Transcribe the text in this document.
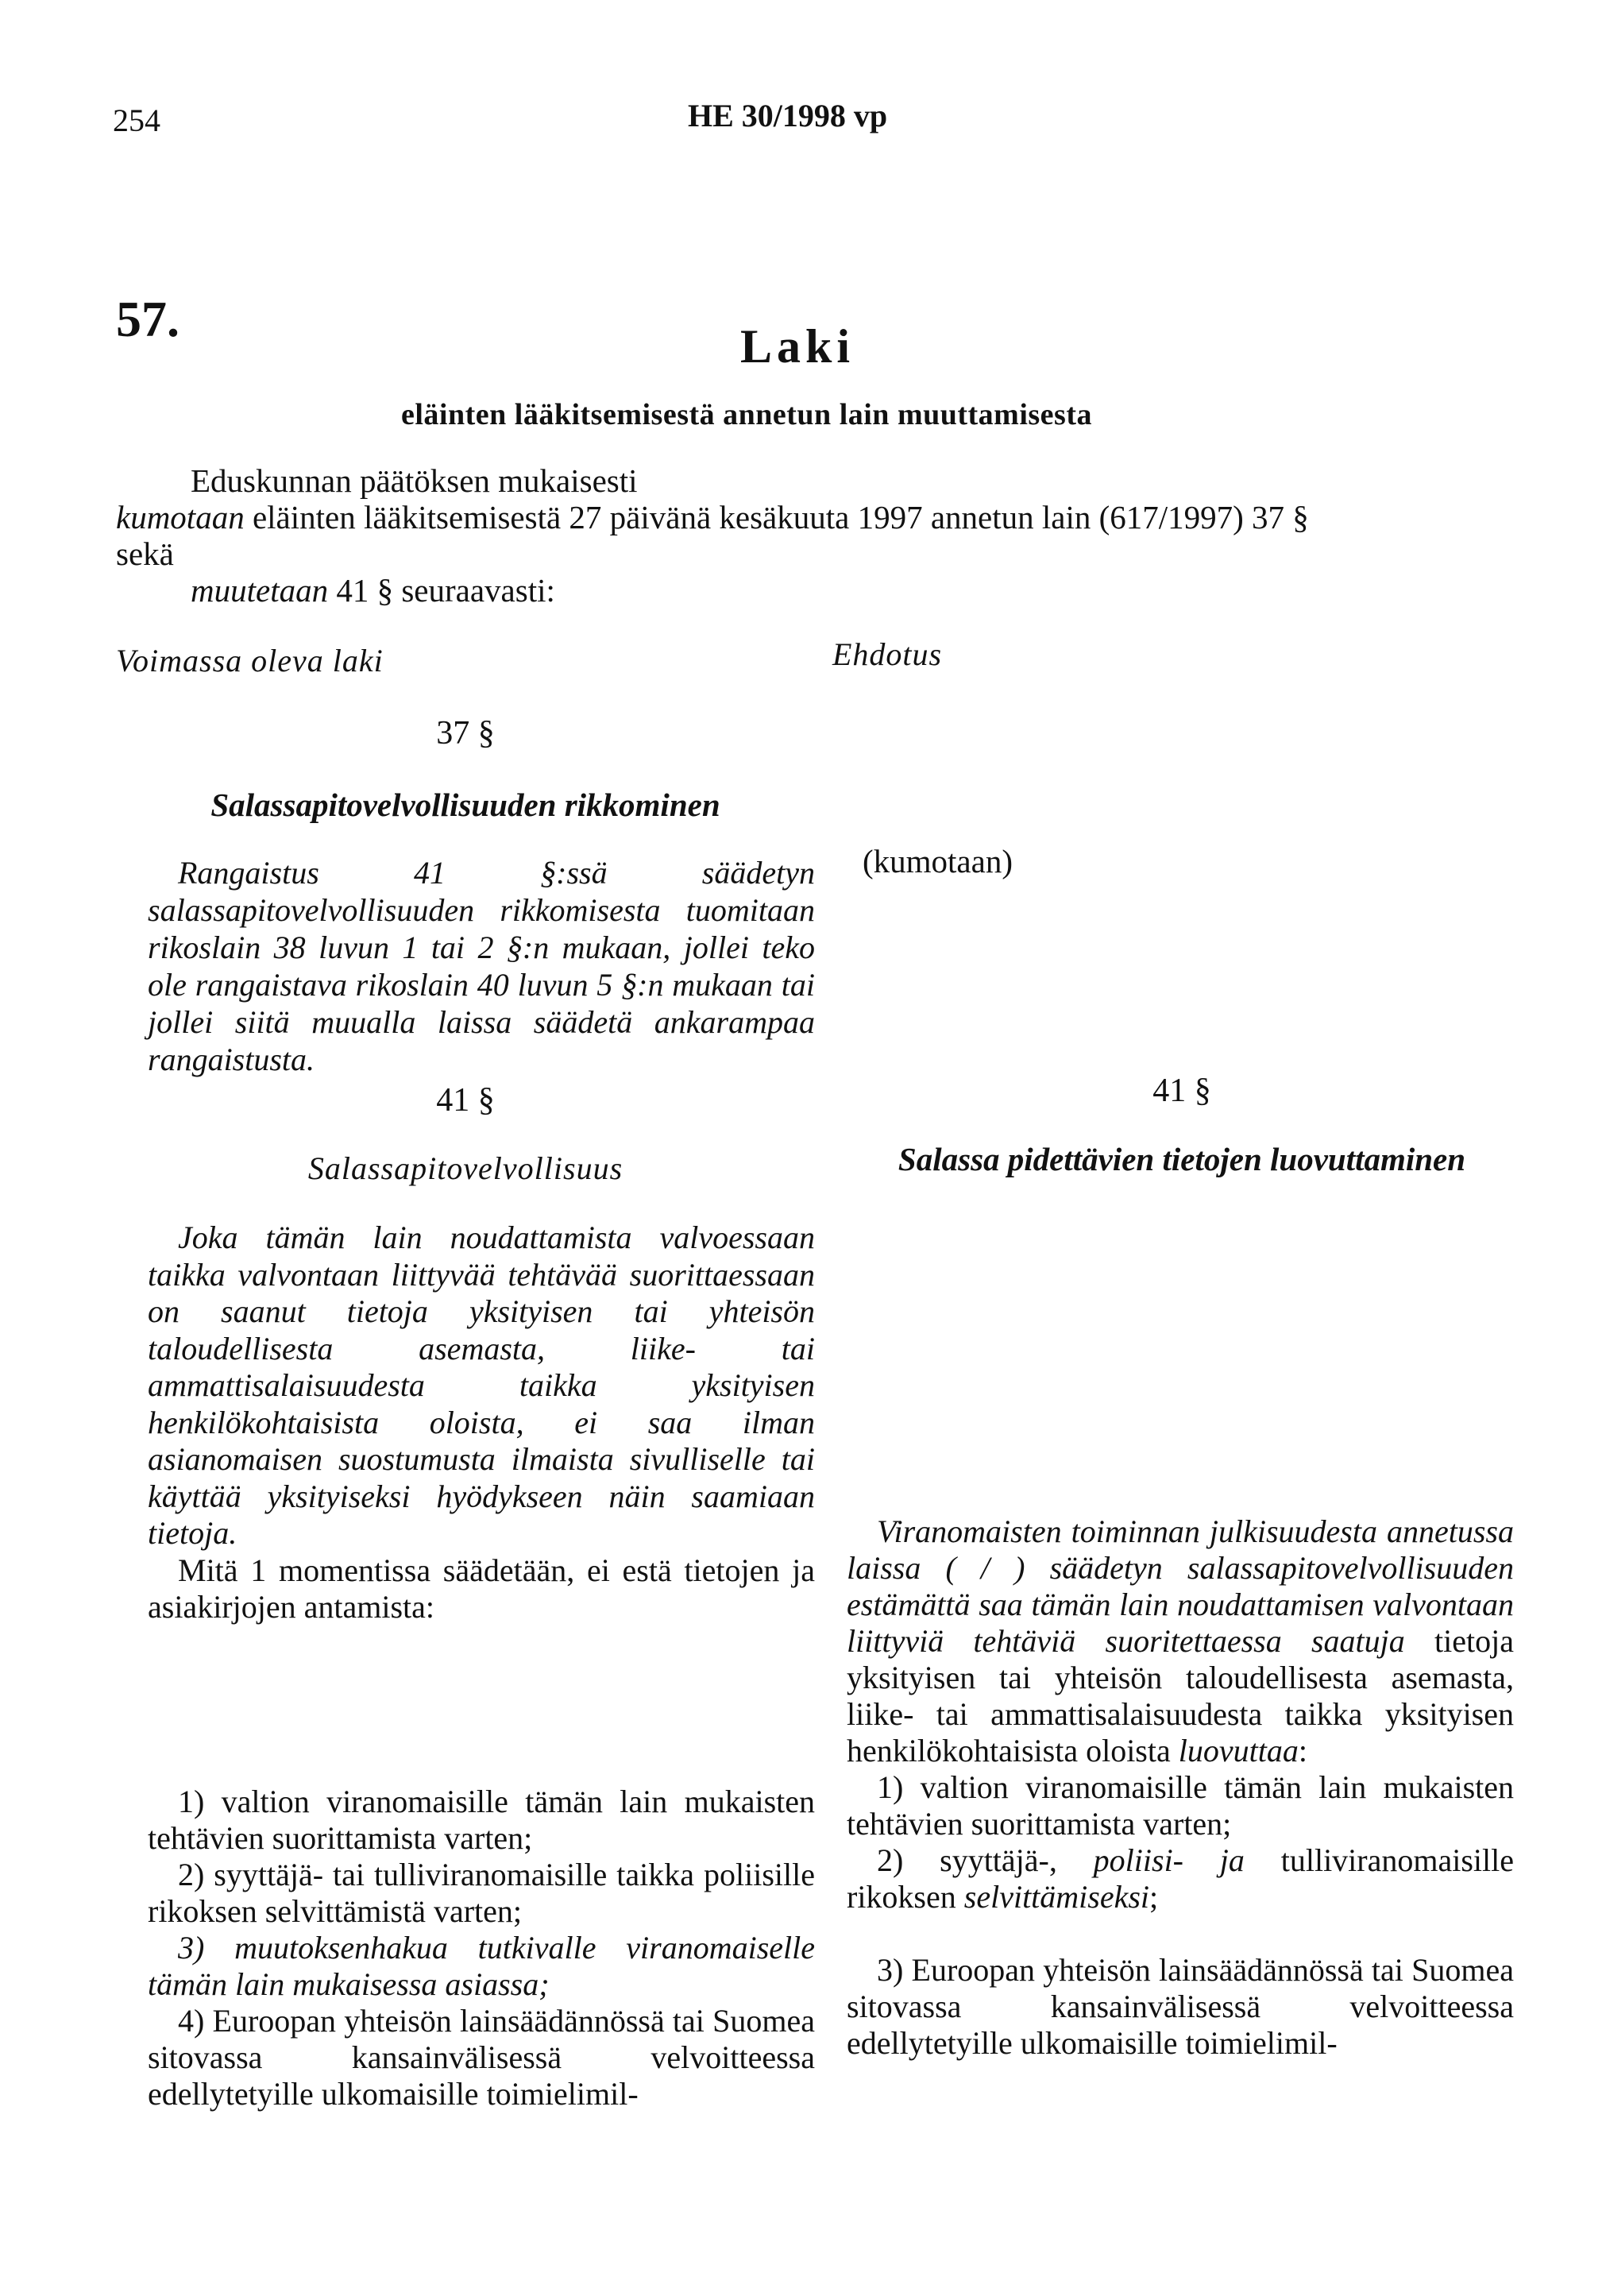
254	HE 30/1998 vp
57.	Laki
eläinten lääkitsemisestä annetun lain muuttamisesta

Eduskunnan päätöksen mukaisesti

kumotaan eläinten lääkitsemisestä 27 päivänä kesäkuuta 1997 annetun lain (617/1997) 37 §

sekä

muutetaan 41 § seuraavasti:

Voimassa oleva laki	Ehdotus
37 §
Salassapitovelvollisuuden rikkominen
Rangaistus 41 §:ssä säädetyn salassapitovelvollisuuden rikkomisesta tuomitaan rikoslain 38 luvun 1 tai 2 §:n mukaan, jollei teko ole rangaistava rikoslain 40 luvun 5 §:n mukaan tai jollei siitä muualla laissa säädetä ankarampaa rangaistusta.
(kumotaan)
41 §	41 §
Salassapitovelvollisuus	Salassa pidettävien tietojen luovuttaminen

Joka tämän lain noudattamista valvoessaan taikka valvontaan liittyvää tehtävää suorittaessaan on saanut tietoja yksityisen tai yhteisön taloudellisesta asemasta, liike- tai ammattisalaisuudesta taikka yksityisen henkilökohtaisista oloista, ei saa ilman asianomaisen suostumusta ilmaista sivulliselle tai käyttää yksityiseksi hyödykseen näin saamiaan tietoja.

Mitä 1 momentissa säädetään, ei estä tietojen ja asiakirjojen antamista:

1) valtion viranomaisille tämän lain mukaisten tehtävien suorittamista varten;

2) syyttäjä- tai tulliviranomaisille taikka poliisille rikoksen selvittämistä varten;

3) muutoksenhakua tutkivalle viranomaiselle tämän lain mukaisessa asiassa;

4) Euroopan yhteisön lainsäädännössä tai Suomea sitovassa kansainvälisessä velvoitteessa edellytetyille ulkomaisille toimielimil-

Viranomaisten toiminnan julkisuudesta annetussa laissa ( / ) säädetyn salassapitovelvollisuuden estämättä saa tämän lain noudattamisen valvontaan liittyviä tehtäviä suoritettaessa saatuja tietoja yksityisen tai yhteisön taloudellisesta asemasta, liike- tai ammattisalaisuudesta taikka yksityisen henkilökohtaisista oloista luovuttaa:

1) valtion viranomaisille tämän lain mukaisten tehtävien suorittamista varten;

2) syyttäjä-, poliisi- ja tulliviranomaisille rikoksen selvittämiseksi;

3) Euroopan yhteisön lainsäädännössä tai Suomea sitovassa kansainvälisessä velvoitteessa edellytetyille ulkomaisille toimielimil-
